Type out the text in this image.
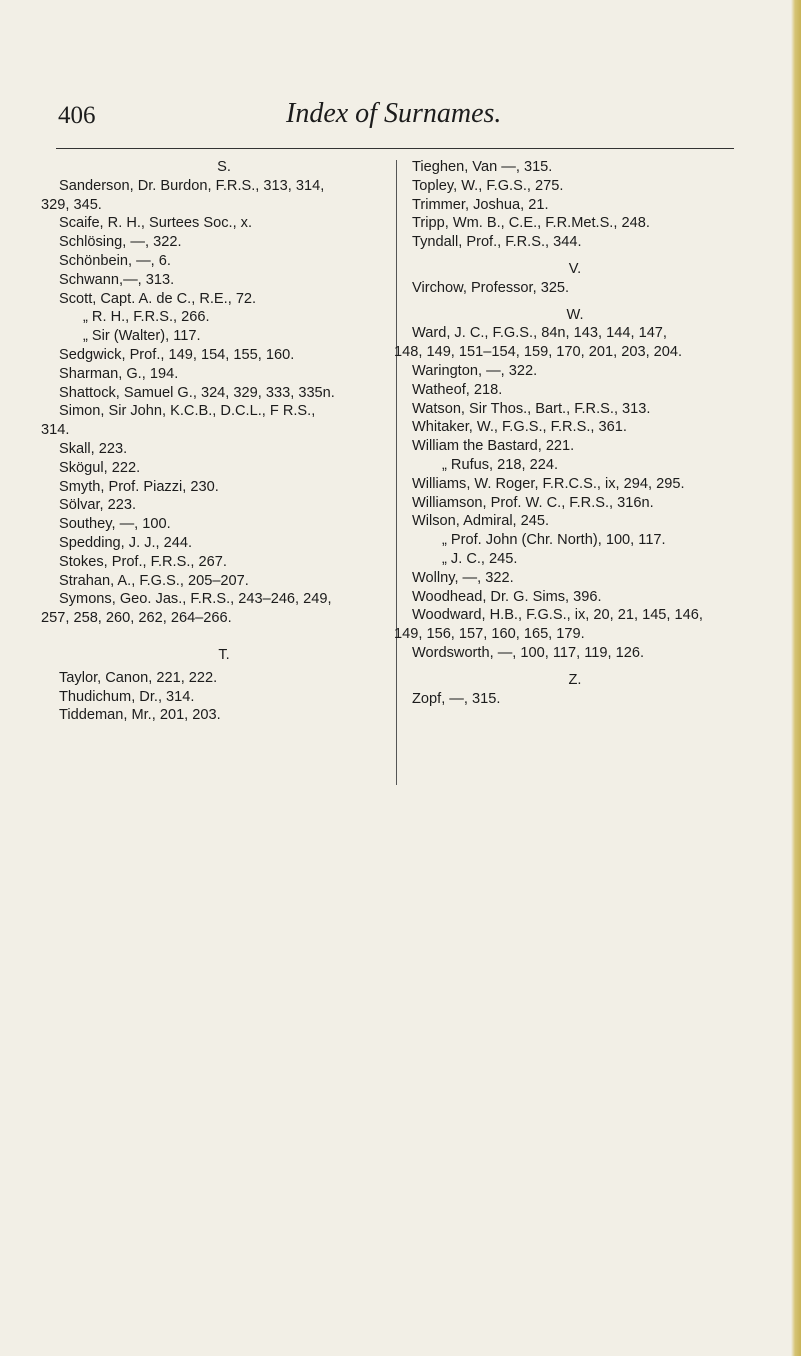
406	Index of Surnames.
S.
Sanderson, Dr. Burdon, F.R.S., 313, 314,
329, 345.
Scaife, R. H., Surtees Soc., x.
Schlösing, —, 322.
Schönbein, —, 6.
Schwann,—, 313.
Scott, Capt. A. de C., R.E., 72.
„ R. H., F.R.S., 266.
„ Sir (Walter), 117.
Sedgwick, Prof., 149, 154, 155, 160.
Sharman, G., 194.
Shattock, Samuel G., 324, 329, 333, 335n.
Simon, Sir John, K.C.B., D.C.L., F R.S.,
314.
Skall, 223.
Skögul, 222.
Smyth, Prof. Piazzi, 230.
Sölvar, 223.
Southey, —, 100.
Spedding, J. J., 244.
Stokes, Prof., F.R.S., 267.
Strahan, A., F.G.S., 205–207.
Symons, Geo. Jas., F.R.S., 243–246, 249,
257, 258, 260, 262, 264–266.
T.
Taylor, Canon, 221, 222.
Thudichum, Dr., 314.
Tiddeman, Mr., 201, 203.
Tieghen, Van —, 315.
Topley, W., F.G.S., 275.
Trimmer, Joshua, 21.
Tripp, Wm. B., C.E., F.R.Met.S., 248.
Tyndall, Prof., F.R.S., 344.
V.
Virchow, Professor, 325.
W.
Ward, J. C., F.G.S., 84n, 143, 144, 147,
148, 149, 151–154, 159, 170, 201, 203, 204.
Warington, —, 322.
Watheof, 218.
Watson, Sir Thos., Bart., F.R.S., 313.
Whitaker, W., F.G.S., F.R.S., 361.
William the Bastard, 221.
„ Rufus, 218, 224.
Williams, W. Roger, F.R.C.S., ix, 294, 295.
Williamson, Prof. W. C., F.R.S., 316n.
Wilson, Admiral, 245.
„ Prof. John (Chr. North), 100, 117.
„ J. C., 245.
Wollny, —, 322.
Woodhead, Dr. G. Sims, 396.
Woodward, H.B., F.G.S., ix, 20, 21, 145, 146,
149, 156, 157, 160, 165, 179.
Wordsworth, —, 100, 117, 119, 126.
Z.
Zopf, —, 315.
